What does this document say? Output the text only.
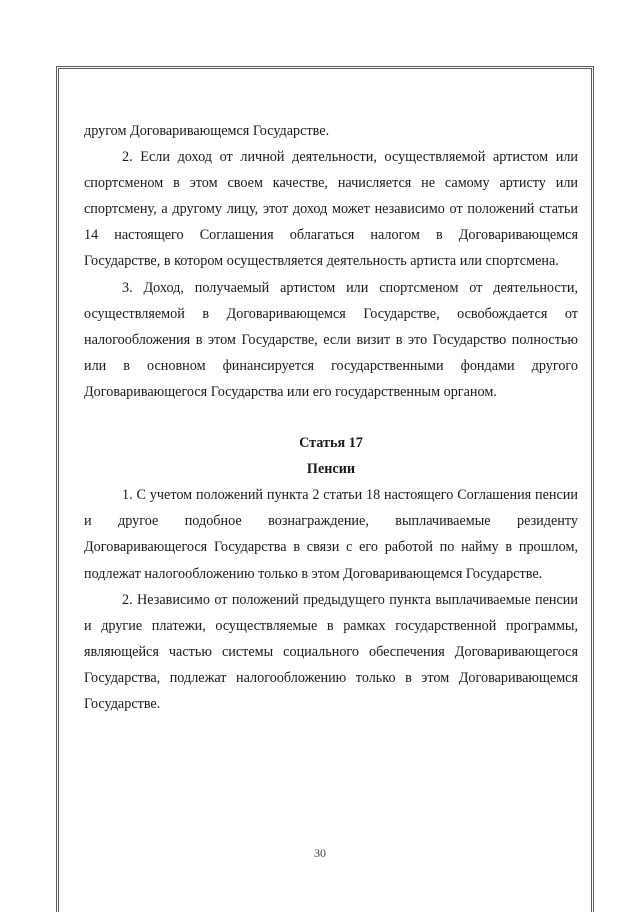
другом Договаривающемся Государстве.

2. Если доход от личной деятельности, осуществляемой артистом или спортсменом в этом своем качестве, начисляется не самому артисту или спортсмену, а другому лицу, этот доход может независимо от положений статьи 14 настоящего Соглашения облагаться налогом в Договаривающемся Государстве, в котором осуществляется деятельность артиста или спортсмена.

3. Доход, получаемый артистом или спортсменом от деятельности, осуществляемой в Договаривающемся Государстве, освобождается от налогообложения в этом Государстве, если визит в это Государство полностью или в основном финансируется государственными фондами другого Договаривающегося Государства или его государственным органом.

Статья 17

Пенсии

1. С учетом положений пункта 2 статьи 18 настоящего Соглашения пенсии и другое подобное вознаграждение, выплачиваемые резиденту Договаривающегося Государства в связи с его работой по найму в прошлом, подлежат налогообложению только в этом Договаривающемся Государстве.

2. Независимо от положений предыдущего пункта выплачиваемые пенсии и другие платежи, осуществляемые в рамках государственной программы, являющейся частью системы социального обеспечения Договаривающегося Государства, подлежат налогообложению только в этом Договаривающемся Государстве.

30
